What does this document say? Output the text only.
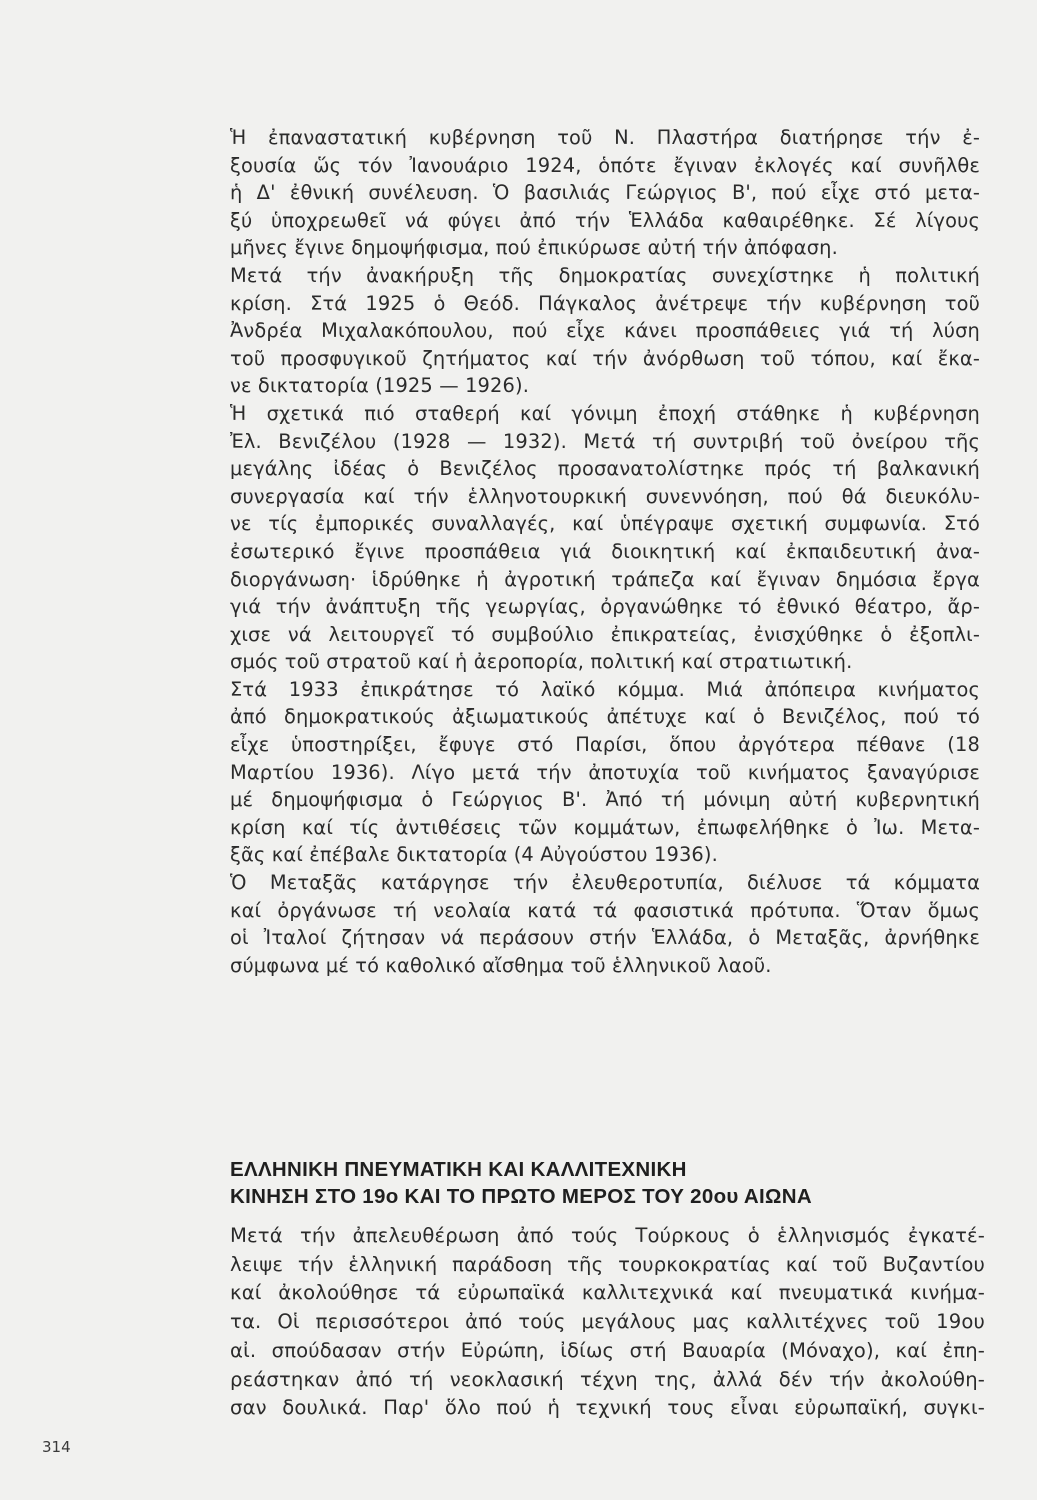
Ἡ ἐπαναστατική κυβέρνηση τοῦ Ν. Πλαστήρα διατήρησε τήν ἐ-
ξουσία ὥς τόν Ἰανουάριο 1924, ὁπότε ἔγιναν ἐκλογές καί συνῆλθε
ἡ Δ' ἐθνική συνέλευση. Ὁ βασιλιάς Γεώργιος Β', πού εἶχε στό μετα-
ξύ ὑποχρεωθεῖ νά φύγει ἀπό τήν Ἑλλάδα καθαιρέθηκε. Σέ λίγους
μῆνες ἔγινε δημοψήφισμα, πού ἐπικύρωσε αὐτή τήν ἀπόφαση.
Μετά τήν ἀνακήρυξη τῆς δημοκρατίας συνεχίστηκε ἡ πολιτική
κρίση. Στά 1925 ὁ Θεόδ. Πάγκαλος ἀνέτρεψε τήν κυβέρνηση τοῦ
Ἀνδρέα Μιχαλακόπουλου, πού εἶχε κάνει προσπάθειες γιά τή λύση
τοῦ προσφυγικοῦ ζητήματος καί τήν ἀνόρθωση τοῦ τόπου, καί ἔκα-
νε δικτατορία (1925 — 1926).
Ἡ σχετικά πιό σταθερή καί γόνιμη ἐποχή στάθηκε ἡ κυβέρνηση
Ἐλ. Βενιζέλου (1928 — 1932). Μετά τή συντριβή τοῦ ὀνείρου τῆς
μεγάλης ἰδέας ὁ Βενιζέλος προσανατολίστηκε πρός τή βαλκανική
συνεργασία καί τήν ἑλληνοτουρκική συνεννόηση, πού θά διευκόλυ-
νε τίς ἐμπορικές συναλλαγές, καί ὑπέγραψε σχετική συμφωνία. Στό
ἐσωτερικό ἔγινε προσπάθεια γιά διοικητική καί ἐκπαιδευτική ἀνα-
διοργάνωση· ἱδρύθηκε ἡ ἀγροτική τράπεζα καί ἔγιναν δημόσια ἔργα
γιά τήν ἀνάπτυξη τῆς γεωργίας, ὀργανώθηκε τό ἐθνικό θέατρο, ἄρ-
χισε νά λειτουργεῖ τό συμβούλιο ἐπικρατείας, ἐνισχύθηκε ὁ ἐξοπλι-
σμός τοῦ στρατοῦ καί ἡ ἀεροπορία, πολιτική καί στρατιωτική.
Στά 1933 ἐπικράτησε τό λαϊκό κόμμα. Μιά ἀπόπειρα κινήματος
ἀπό δημοκρατικούς ἀξιωματικούς ἀπέτυχε καί ὁ Βενιζέλος, πού τό
εἶχε ὑποστηρίξει, ἔφυγε στό Παρίσι, ὅπου ἀργότερα πέθανε (18
Μαρτίου 1936). Λίγο μετά τήν ἀποτυχία τοῦ κινήματος ξαναγύρισε
μέ δημοψήφισμα ὁ Γεώργιος Β'. Ἀπό τή μόνιμη αὐτή κυβερνητική
κρίση καί τίς ἀντιθέσεις τῶν κομμάτων, ἐπωφελήθηκε ὁ Ἰω. Μετα-
ξᾶς καί ἐπέβαλε δικτατορία (4 Αὐγούστου 1936).
Ὁ Μεταξᾶς κατάργησε τήν ἐλευθεροτυπία, διέλυσε τά κόμματα
καί ὀργάνωσε τή νεολαία κατά τά φασιστικά πρότυπα. Ὅταν ὅμως
οἱ Ἰταλοί ζήτησαν νά περάσουν στήν Ἑλλάδα, ὁ Μεταξᾶς, ἀρνήθηκε
σύμφωνα μέ τό καθολικό αἴσθημα τοῦ ἑλληνικοῦ λαοῦ.
ΕΛΛΗΝΙΚΗ ΠΝΕΥΜΑΤΙΚΗ ΚΑΙ ΚΑΛΛΙΤΕΧΝΙΚΗ
ΚΙΝΗΣΗ ΣΤΟ 19ο ΚΑΙ ΤΟ ΠΡΩΤΟ ΜΕΡΟΣ ΤΟΥ 20ου ΑΙΩΝΑ
Μετά τήν ἀπελευθέρωση ἀπό τούς Τούρκους ὁ ἑλληνισμός ἐγκατέ-
λειψε τήν ἑλληνική παράδοση τῆς τουρκοκρατίας καί τοῦ Βυζαντίου
καί ἀκολούθησε τά εὐρωπαϊκά καλλιτεχνικά καί πνευματικά κινήμα-
τα. Οἱ περισσότεροι ἀπό τούς μεγάλους μας καλλιτέχνες τοῦ 19ου
αἰ. σπούδασαν στήν Εὐρώπη, ἰδίως στή Βαυαρία (Μόναχο), καί ἐπη-
ρεάστηκαν ἀπό τή νεοκλασική τέχνη της, ἀλλά δέν τήν ἀκολούθη-
σαν δουλικά. Παρ' ὅλο πού ἡ τεχνική τους εἶναι εὐρωπαϊκή, συγκι-
314
